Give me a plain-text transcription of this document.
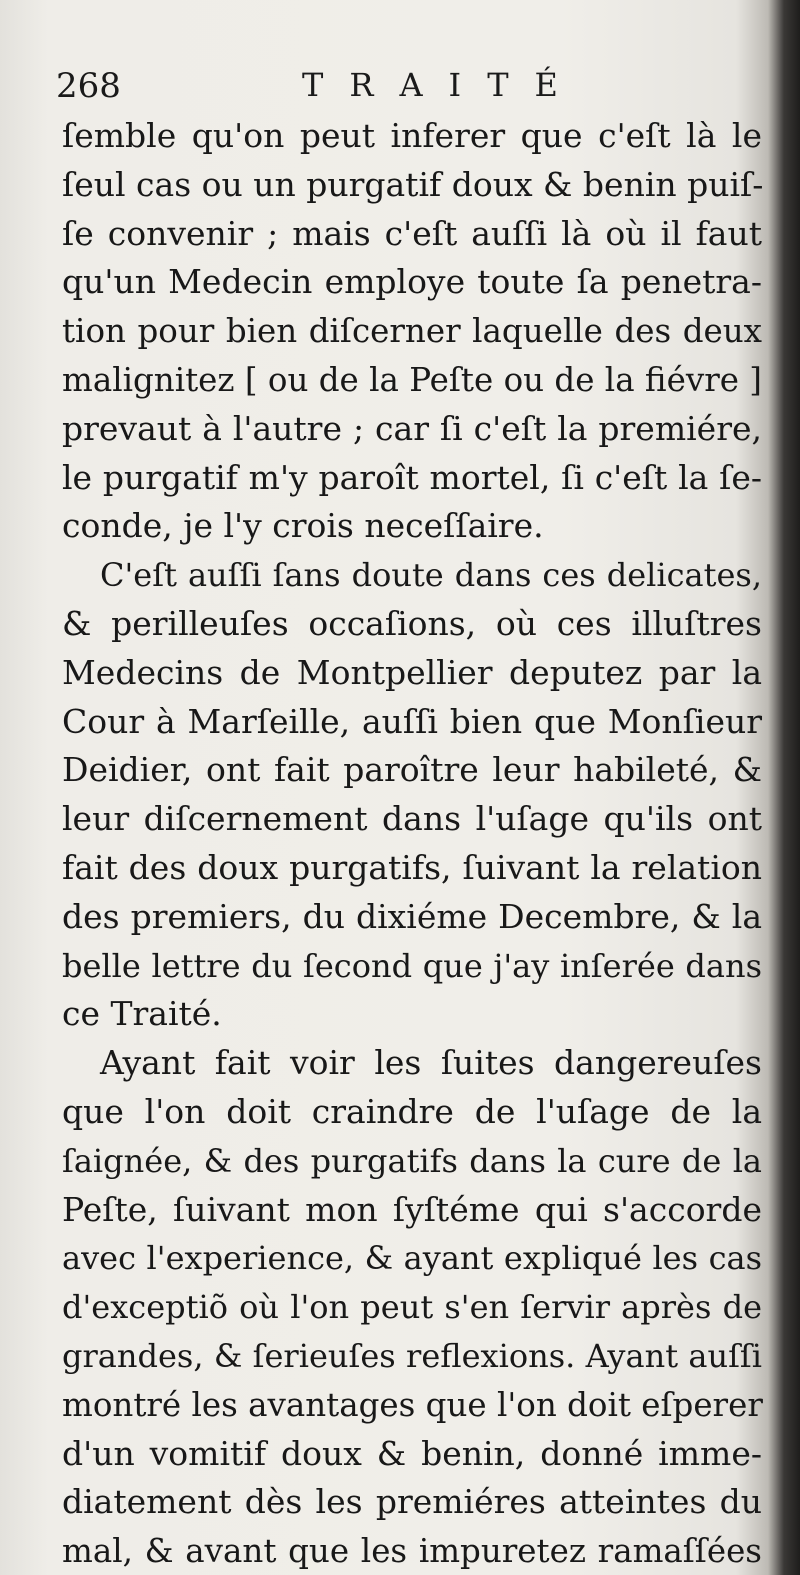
268	TRAITÉ
ſemble qu'on peut inferer que c'eſt là le
ſeul cas ou un purgatif doux & benin puiſ-
ſe convenir ; mais c'eſt auſſi là où il faut
qu'un Medecin employe toute ſa penetra-
tion pour bien diſcerner laquelle des deux
malignitez [ ou de la Peſte ou de la fiévre ]
prevaut à l'autre ; car ſi c'eſt la premiére,
le purgatif m'y paroît mortel, ſi c'eſt la ſe-
conde, je l'y crois neceſſaire.
C'eſt auſſi ſans doute dans ces delicates,
& perilleuſes occaſions, où ces illuſtres
Medecins de Montpellier deputez par la
Cour à Marſeille, auſſi bien que Monſieur
Deidier, ont fait paroître leur habileté, &
leur diſcernement dans l'uſage qu'ils ont
fait des doux purgatifs, ſuivant la relation
des premiers, du dixiéme Decembre, & la
belle lettre du ſecond que j'ay inſerée dans
ce Traité.
Ayant fait voir les ſuites dangereuſes
que l'on doit craindre de l'uſage de la
ſaignée, & des purgatifs dans la cure de la
Peſte, ſuivant mon ſyſtéme qui s'accorde
avec l'experience, & ayant expliqué les cas
d'exceptiõ où l'on peut s'en ſervir après de
grandes, & ſerieuſes reflexions. Ayant auſſi
montré les avantages que l'on doit eſperer
d'un vomitif doux & benin, donné imme-
diatement dès les premiéres atteintes du
mal, & avant que les impuretez ramaſſées
